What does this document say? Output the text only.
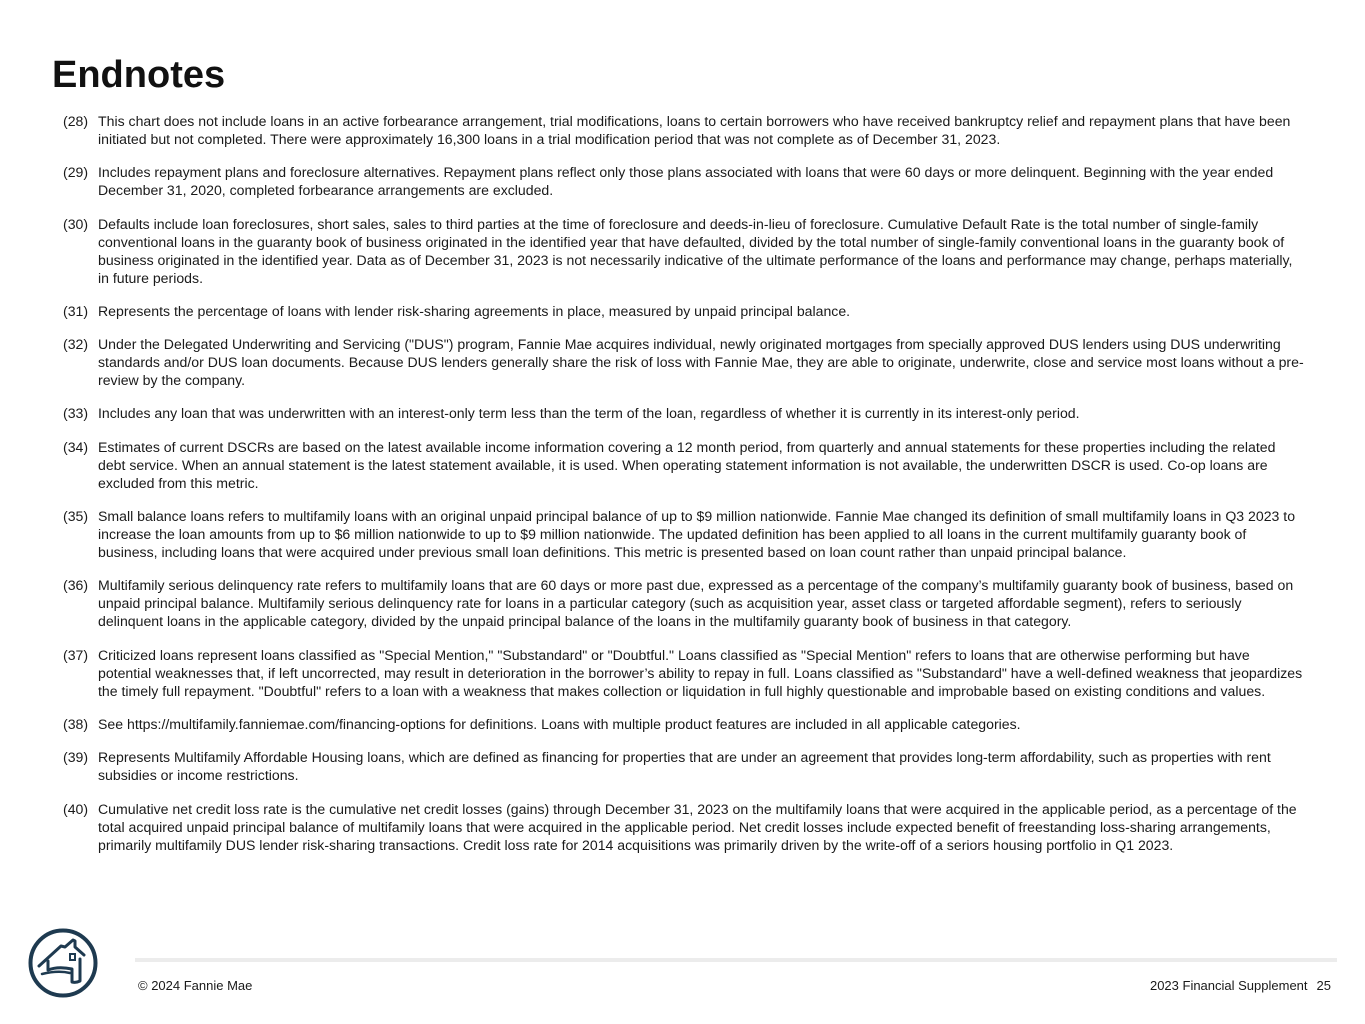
Endnotes
(28) This chart does not include loans in an active forbearance arrangement, trial modifications, loans to certain borrowers who have received bankruptcy relief and repayment plans that have been initiated but not completed. There were approximately 16,300 loans in a trial modification period that was not complete as of December 31, 2023.
(29) Includes repayment plans and foreclosure alternatives. Repayment plans reflect only those plans associated with loans that were 60 days or more delinquent. Beginning with the year ended December 31, 2020, completed forbearance arrangements are excluded.
(30) Defaults include loan foreclosures, short sales, sales to third parties at the time of foreclosure and deeds-in-lieu of foreclosure. Cumulative Default Rate is the total number of single-family conventional loans in the guaranty book of business originated in the identified year that have defaulted, divided by the total number of single-family conventional loans in the guaranty book of business originated in the identified year. Data as of December 31, 2023 is not necessarily indicative of the ultimate performance of the loans and performance may change, perhaps materially, in future periods.
(31) Represents the percentage of loans with lender risk-sharing agreements in place, measured by unpaid principal balance.
(32) Under the Delegated Underwriting and Servicing ("DUS") program, Fannie Mae acquires individual, newly originated mortgages from specially approved DUS lenders using DUS underwriting standards and/or DUS loan documents. Because DUS lenders generally share the risk of loss with Fannie Mae, they are able to originate, underwrite, close and service most loans without a pre-review by the company.
(33) Includes any loan that was underwritten with an interest-only term less than the term of the loan, regardless of whether it is currently in its interest-only period.
(34) Estimates of current DSCRs are based on the latest available income information covering a 12 month period, from quarterly and annual statements for these properties including the related debt service. When an annual statement is the latest statement available, it is used. When operating statement information is not available, the underwritten DSCR is used. Co-op loans are excluded from this metric.
(35) Small balance loans refers to multifamily loans with an original unpaid principal balance of up to $9 million nationwide. Fannie Mae changed its definition of small multifamily loans in Q3 2023 to increase the loan amounts from up to $6 million nationwide to up to $9 million nationwide. The updated definition has been applied to all loans in the current multifamily guaranty book of business, including loans that were acquired under previous small loan definitions. This metric is presented based on loan count rather than unpaid principal balance.
(36) Multifamily serious delinquency rate refers to multifamily loans that are 60 days or more past due, expressed as a percentage of the company’s multifamily guaranty book of business, based on unpaid principal balance. Multifamily serious delinquency rate for loans in a particular category (such as acquisition year, asset class or targeted affordable segment), refers to seriously delinquent loans in the applicable category, divided by the unpaid principal balance of the loans in the multifamily guaranty book of business in that category.
(37) Criticized loans represent loans classified as "Special Mention," "Substandard" or "Doubtful." Loans classified as "Special Mention" refers to loans that are otherwise performing but have potential weaknesses that, if left uncorrected, may result in deterioration in the borrower’s ability to repay in full. Loans classified as "Substandard" have a well-defined weakness that jeopardizes the timely full repayment. "Doubtful" refers to a loan with a weakness that makes collection or liquidation in full highly questionable and improbable based on existing conditions and values.
(38) See https://multifamily.fanniemae.com/financing-options for definitions. Loans with multiple product features are included in all applicable categories.
(39) Represents Multifamily Affordable Housing loans, which are defined as financing for properties that are under an agreement that provides long-term affordability, such as properties with rent subsidies or income restrictions.
(40) Cumulative net credit loss rate is the cumulative net credit losses (gains) through December 31, 2023 on the multifamily loans that were acquired in the applicable period, as a percentage of the total acquired unpaid principal balance of multifamily loans that were acquired in the applicable period. Net credit losses include expected benefit of freestanding loss-sharing arrangements, primarily multifamily DUS lender risk-sharing transactions. Credit loss rate for 2014 acquisitions was primarily driven by the write-off of a seriors housing portfolio in Q1 2023.
© 2024 Fannie Mae	2023 Financial Supplement 25
